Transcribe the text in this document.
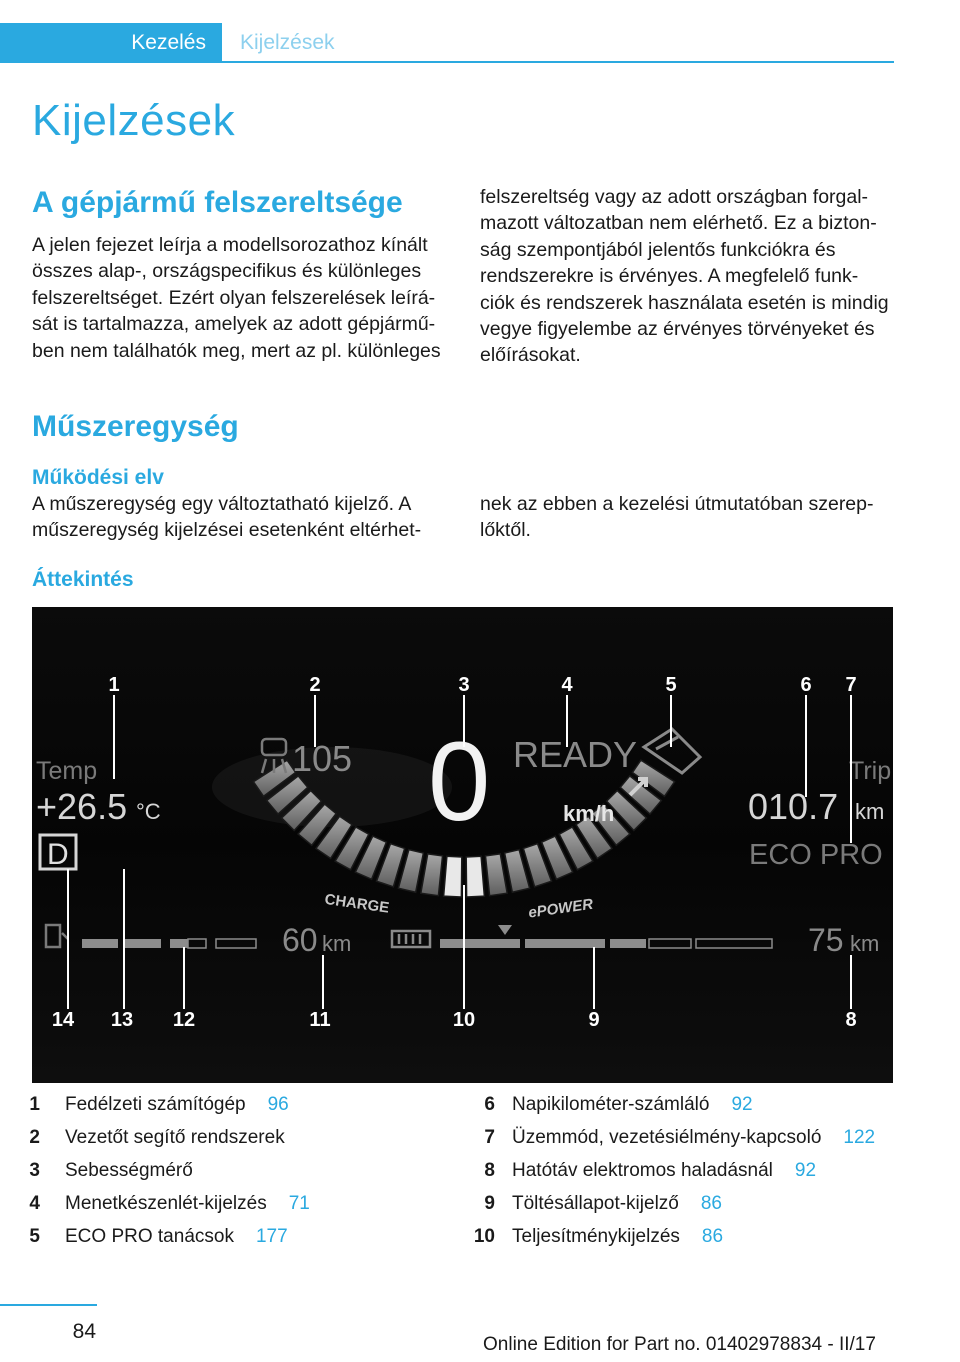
Kezelés Kijelzések
Kijelzések
A gépjármű felszereltsége
A jelen fejezet leírja a modellsorozathoz kínált
összes alap-, országspecifikus és különleges
felszereltséget. Ezért olyan felszerelések leírá-
sát is tartalmazza, amelyek az adott gépjármű-
ben nem találhatók meg, mert az pl. különleges
felszereltség vagy az adott országban forgal-
mazott változatban nem elérhető. Ez a bizton-
ság szempontjából jelentős funkciókra és
rendszerekre is érvényes. A megfelelő funk-
ciók és rendszerek használata esetén is mindig
vegye figyelembe az érvényes törvényeket és
előírásokat.
Műszeregység
Működési elv
A műszeregység egy változtatható kijelző. A
műszeregység kijelzései esetenként eltérhet-
nek az ebben a kezelési útmutatóban szerep-
lőktől.
Áttekintés
Temp
+26.5 °C
D
105 0	km/h
READY	Trip
010.7 km
ECO PRO
CHARGE	ePOWER
60 km	75 km
1	2	3	4	5	6 7
14 13 12	11	10	9	8
1 Fedélzeti számítógép 96
2 Vezetőt segítő rendszerek
3 Sebességmérő
4 Menetkészenlét-kijelzés 71
5 ECO PRO tanácsok 177
6 Napikilométer-számláló 92
7 Üzemmód, vezetésiélmény-kapcsoló 122
8 Hatótáv elektromos haladásnál 92
9 Töltésállapot-kijelző 86
10 Teljesítménykijelzés 86
84
Online Edition for Part no. 01402978834 - II/17
